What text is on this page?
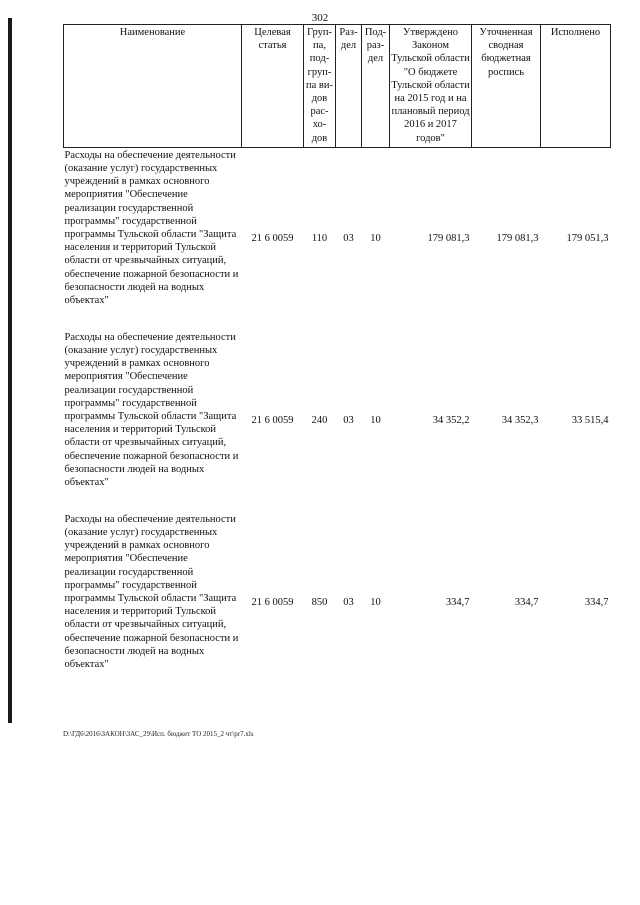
302
Наименование	Целевая статья	Груп-па, под-груп-па ви-дов рас-хо-дов	Раз-дел	Под-раз-дел	Утверждено Законом Тульской области "О бюджете Тульской области на 2015 год и на плановый период 2016 и 2017 годов"	Уточненная сводная бюджетная роспись	Исполнено
Расходы на обеспечение деятельности (оказание услуг) государственных учреждений в рамках основного мероприятия "Обеспечение реализации государственной программы" государственной программы Тульской области "Защита населения и территорий Тульской области от чрезвычайных ситуаций, обеспечение пожарной безопасности и безопасности людей на водных объектах"	21 6 0059	110	03	10	179 081,3	179 081,3	179 051,3
Расходы на обеспечение деятельности (оказание услуг) государственных учреждений в рамках основного мероприятия "Обеспечение реализации государственной программы" государственной программы Тульской области "Защита населения и территорий Тульской области от чрезвычайных ситуаций, обеспечение пожарной безопасности и безопасности людей на водных объектах"	21 6 0059	240	03	10	34 352,2	34 352,3	33 515,4
Расходы на обеспечение деятельности (оказание услуг) государственных учреждений в рамках основного мероприятия "Обеспечение реализации государственной программы" государственной программы Тульской области "Защита населения и территорий Тульской области от чрезвычайных ситуаций, обеспечение пожарной безопасности и безопасности людей на водных объектах"	21 6 0059	850	03	10	334,7	334,7	334,7
D:\ГД6\2016\ЗАКОН\ЗАС_29\Исп. бюджет ТО 2015_2 чт\pr7.xls
